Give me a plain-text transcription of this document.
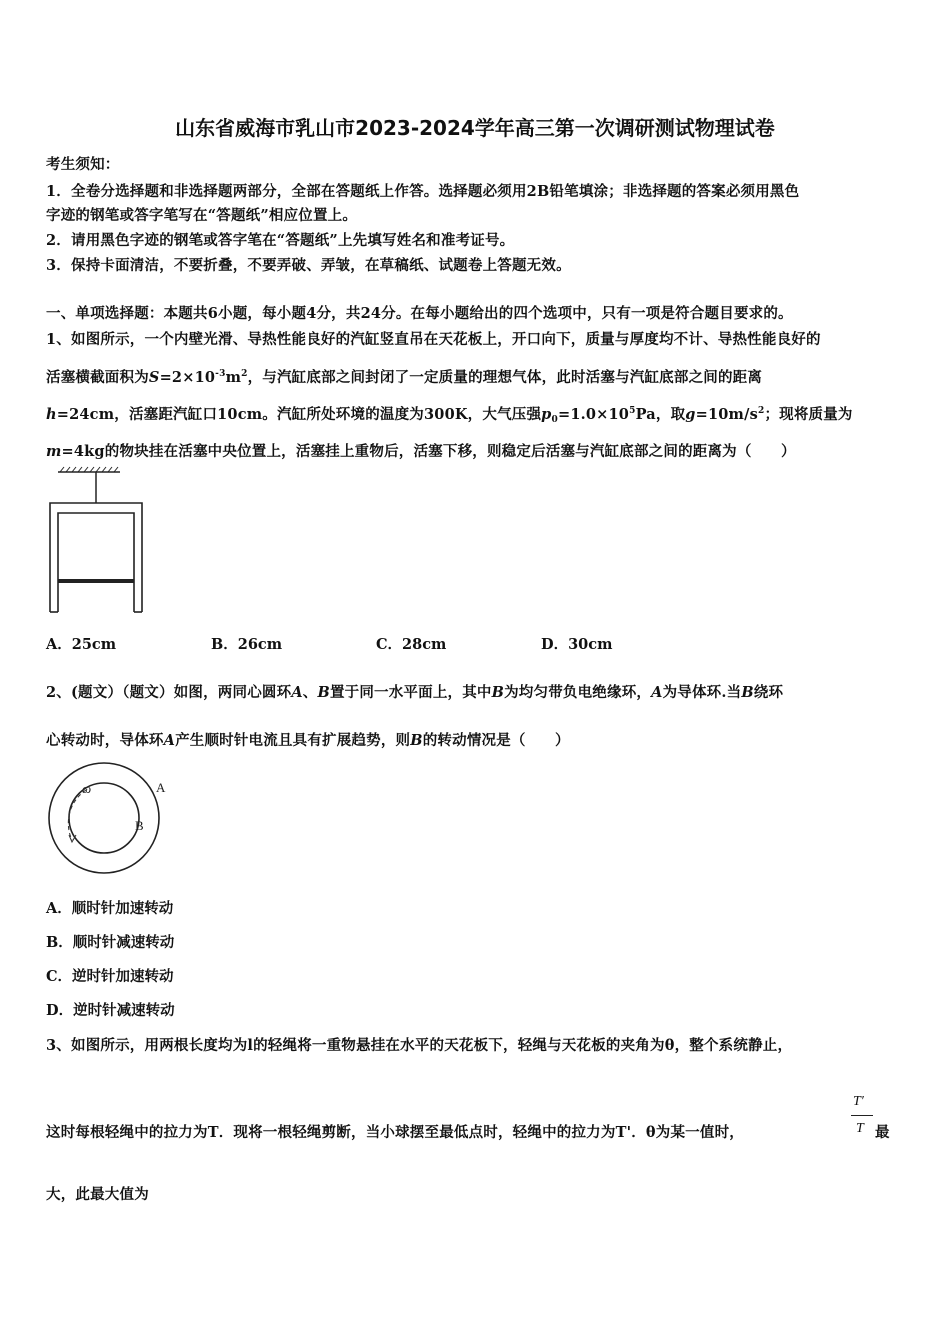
山东省威海市乳山市2023-2024学年高三第一次调研测试物理试卷
考生须知：
1．全卷分选择题和非选择题两部分，全部在答题纸上作答。选择题必须用2B铅笔填涂；非选择题的答案必须用黑色
字迹的钢笔或答字笔写在“答题纸”相应位置上。
2．请用黑色字迹的钢笔或答字笔在“答题纸”上先填写姓名和准考证号。
3．保持卡面清洁，不要折叠，不要弄破、弄皱，在草稿纸、试题卷上答题无效。
一、单项选择题：本题共6小题，每小题4分，共24分。在每小题给出的四个选项中，只有一项是符合题目要求的。
1、如图所示，一个内壁光滑、导热性能良好的汽缸竖直吊在天花板上，开口向下，质量与厚度均不计、导热性能良好的
活塞横截面积为$S=2\times 10^{-3}m^2$，与汽缸底部之间封闭了一定质量的理想气体，此时活塞与汽缸底部之间的距离
h=24cm，活塞距汽缸口10cm。汽缸所处环境的温度为300K，大气压强$p_0=1.0\times 10^5Pa$，取$g=10m/s^2$；现将质量为
m=4kg的物块挂在活塞中央位置上，活塞挂上重物后，活塞下移，则稳定后活塞与汽缸底部之间的距离为（　　）
A．25cm	B．26cm	C．28cm	D．30cm
2、(题文）（题文）如图，两同心圆环A、B置于同一水平面上，其中B为均匀带负电绝缘环，A为导体环.当B绕环
心转动时，导体环A产生顺时针电流且具有扩展趋势，则B的转动情况是（　　）
ω	A
B
A．顺时针加速转动
B．顺时针减速转动
C．逆时针加速转动
D．逆时针减速转动
3、如图所示，用两根长度均为l的轻绳将一重物悬挂在水平的天花板下，轻绳与天花板的夹角为θ，整个系统静止，
这时每根轻绳中的拉力为T．现将一根轻绳剪断，当小球摆至最低点时，轻绳中的拉力为T'．θ为某一值时，
T′
T 最
大，此最大值为
